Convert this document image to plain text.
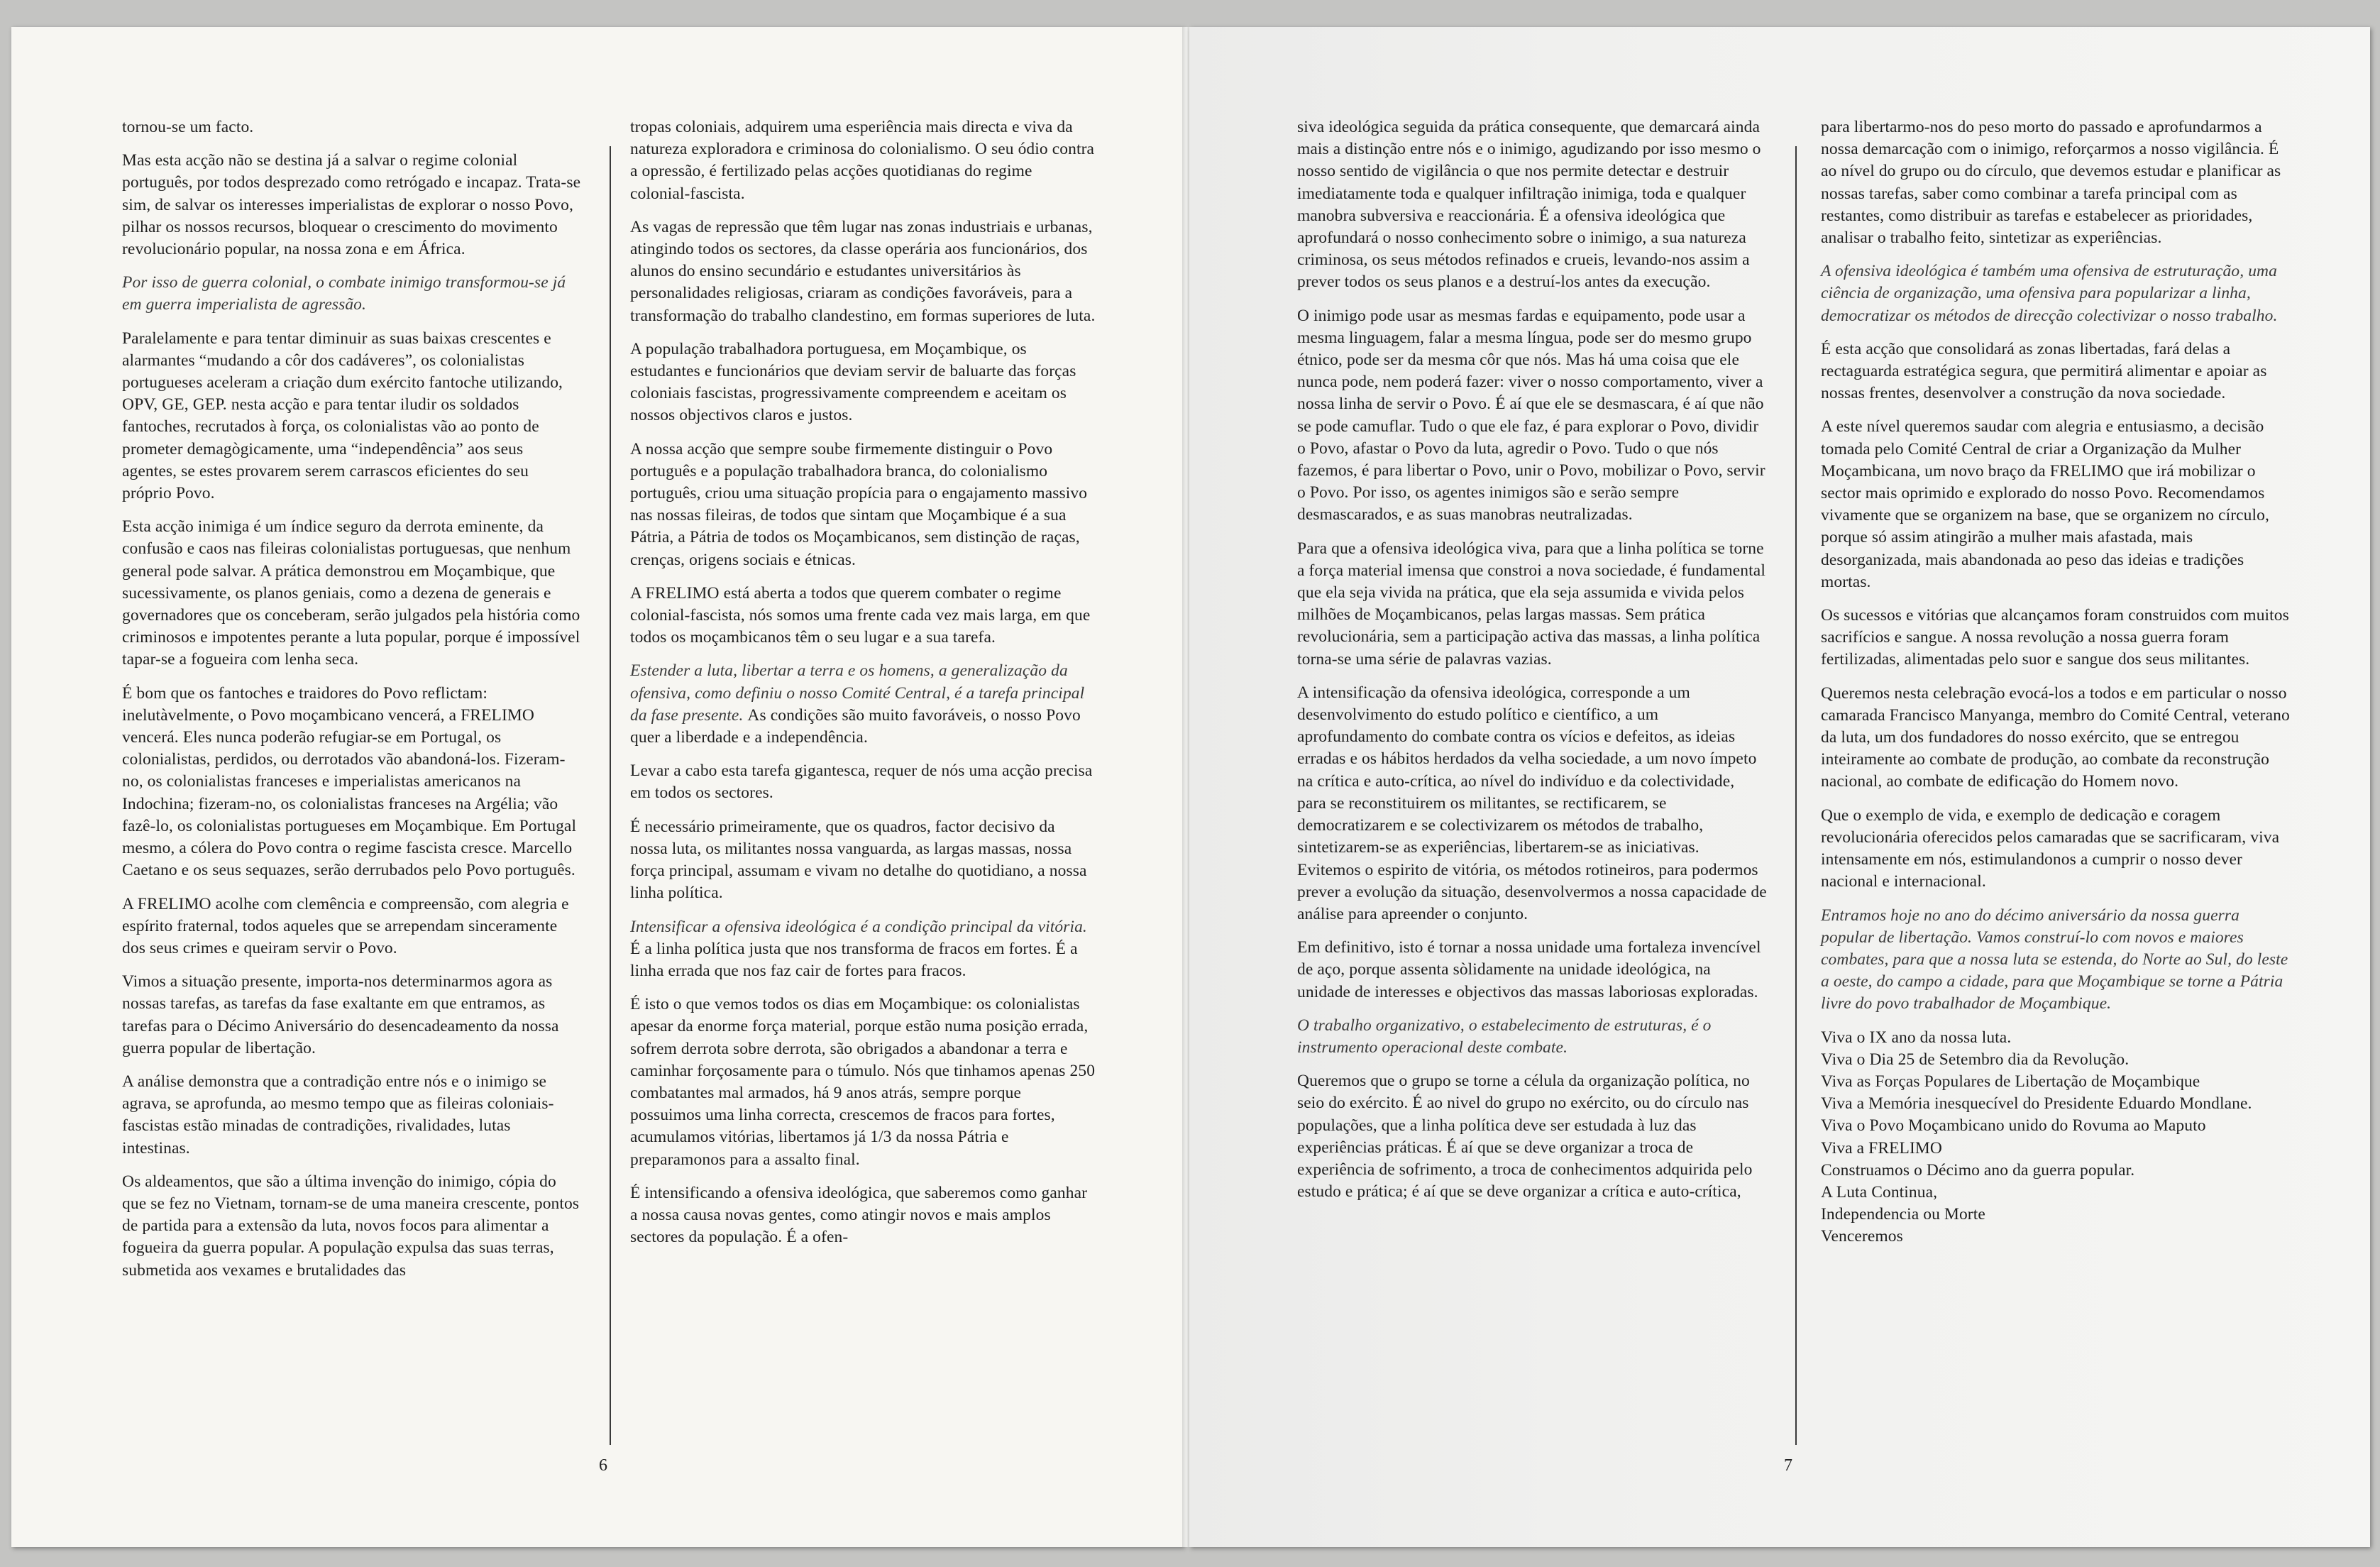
tornou-se um facto.

Mas esta acção não se destina já a salvar o regime colonial português, por todos desprezado como retrógado e incapaz. Trata-se sim, de salvar os interesses imperialistas de explorar o nosso Povo, pilhar os nossos recursos, bloquear o crescimento do movimento revolucionário popular, na nossa zona e em África.

Por isso de guerra colonial, o combate inimigo transformou-se já em guerra imperialista de agressão.

Paralelamente e para tentar diminuir as suas baixas crescentes e alarmantes “mudando a côr dos cadáveres”, os colonialistas portugueses aceleram a criação dum exército fantoche utilizando, OPV, GE, GEP. nesta acção e para tentar iludir os soldados fantoches, recrutados à força, os colonialistas vão ao ponto de prometer demagògicamente, uma “independência” aos seus agentes, se estes provarem serem carrascos eficientes do seu próprio Povo.

Esta acção inimiga é um índice seguro da derrota eminente, da confusão e caos nas fileiras colonialistas portuguesas, que nenhum general pode salvar. A prática demonstrou em Moçambique, que sucessivamente, os planos geniais, como a dezena de generais e governadores que os conceberam, serão julgados pela história como criminosos e impotentes perante a luta popular, porque é impossível tapar-se a fogueira com lenha seca.

É bom que os fantoches e traidores do Povo reflictam: inelutàvelmente, o Povo moçambicano vencerá, a FRELIMO vencerá. Eles nunca poderão refugiar-se em Portugal, os colonialistas, perdidos, ou derrotados vão abandoná-los. Fizeram-no, os colonialistas franceses e imperialistas americanos na Indochina; fizeram-no, os colonialistas franceses na Argélia; vão fazê-lo, os colonialistas portugueses em Moçambique. Em Portugal mesmo, a cólera do Povo contra o regime fascista cresce. Marcello Caetano e os seus sequazes, serão derrubados pelo Povo português.

A FRELIMO acolhe com clemência e compreensão, com alegria e espírito fraternal, todos aqueles que se arrependam sinceramente dos seus crimes e queiram servir o Povo.

Vimos a situação presente, importa-nos determinarmos agora as nossas tarefas, as tarefas da fase exaltante em que entramos, as tarefas para o Décimo Aniversário do desencadeamento da nossa guerra popular de libertação.

A análise demonstra que a contradição entre nós e o inimigo se agrava, se aprofunda, ao mesmo tempo que as fileiras coloniais-fascistas estão minadas de contradições, rivalidades, lutas intestinas.

Os aldeamentos, que são a última invenção do inimigo, cópia do que se fez no Vietnam, tornam-se de uma maneira crescente, pontos de partida para a extensão da luta, novos focos para alimentar a fogueira da guerra popular. A população expulsa das suas terras, submetida aos vexames e brutalidades das

tropas coloniais, adquirem uma esperiência mais directa e viva da natureza exploradora e criminosa do colonialismo. O seu ódio contra a opressão, é fertilizado pelas acções quotidianas do regime colonial-fascista.

As vagas de repressão que têm lugar nas zonas industriais e urbanas, atingindo todos os sectores, da classe operária aos funcionários, dos alunos do ensino secundário e estudantes universitários às personalidades religiosas, criaram as condições favoráveis, para a transformação do trabalho clandestino, em formas superiores de luta.

A população trabalhadora portuguesa, em Moçambique, os estudantes e funcionários que deviam servir de baluarte das forças coloniais fascistas, progressivamente compreendem e aceitam os nossos objectivos claros e justos.

A nossa acção que sempre soube firmemente distinguir o Povo português e a população trabalhadora branca, do colonialismo português, criou uma situação propícia para o engajamento massivo nas nossas fileiras, de todos que sintam que Moçambique é a sua Pátria, a Pátria de todos os Moçambicanos, sem distinção de raças, crenças, origens sociais e étnicas.

A FRELIMO está aberta a todos que querem combater o regime colonial-fascista, nós somos uma frente cada vez mais larga, em que todos os moçambicanos têm o seu lugar e a sua tarefa.

Estender a luta, libertar a terra e os homens, a generalização da ofensiva, como definiu o nosso Comité Central, é a tarefa principal da fase presente. As condições são muito favoráveis, o nosso Povo quer a liberdade e a independência.

Levar a cabo esta tarefa gigantesca, requer de nós uma acção precisa em todos os sectores.

É necessário primeiramente, que os quadros, factor decisivo da nossa luta, os militantes nossa vanguarda, as largas massas, nossa força principal, assumam e vivam no detalhe do quotidiano, a nossa linha política.

Intensificar a ofensiva ideológica é a condição principal da vitória. É a linha política justa que nos transforma de fracos em fortes. É a linha errada que nos faz cair de fortes para fracos.

É isto o que vemos todos os dias em Moçambique: os colonialistas apesar da enorme força material, porque estão numa posição errada, sofrem derrota sobre derrota, são obrigados a abandonar a terra e caminhar forçosamente para o túmulo. Nós que tinhamos apenas 250 combatantes mal armados, há 9 anos atrás, sempre porque possuimos uma linha correcta, crescemos de fracos para fortes, acumulamos vitórias, libertamos já 1/3 da nossa Pátria e preparamonos para a assalto final.

É intensificando a ofensiva ideológica, que saberemos como ganhar a nossa causa novas gentes, como atingir novos e mais amplos sectores da população. É a ofen-

siva ideológica seguida da prática consequente, que demarcará ainda mais a distinção entre nós e o inimigo, agudizando por isso mesmo o nosso sentido de vigilância o que nos permite detectar e destruir imediatamente toda e qualquer infiltração inimiga, toda e qualquer manobra subversiva e reaccionária. É a ofensiva ideológica que aprofundará o nosso conhecimento sobre o inimigo, a sua natureza criminosa, os seus métodos refinados e crueis, levando-nos assim a prever todos os seus planos e a destruí-los antes da execução.

O inimigo pode usar as mesmas fardas e equipamento, pode usar a mesma linguagem, falar a mesma língua, pode ser do mesmo grupo étnico, pode ser da mesma côr que nós. Mas há uma coisa que ele nunca pode, nem poderá fazer: viver o nosso comportamento, viver a nossa linha de servir o Povo. É aí que ele se desmascara, é aí que não se pode camuflar. Tudo o que ele faz, é para explorar o Povo, dividir o Povo, afastar o Povo da luta, agredir o Povo. Tudo o que nós fazemos, é para libertar o Povo, unir o Povo, mobilizar o Povo, servir o Povo. Por isso, os agentes inimigos são e serão sempre desmascarados, e as suas manobras neutralizadas.

Para que a ofensiva ideológica viva, para que a linha política se torne a força material imensa que constroi a nova sociedade, é fundamental que ela seja vivida na prática, que ela seja assumida e vivida pelos milhões de Moçambicanos, pelas largas massas. Sem prática revolucionária, sem a participação activa das massas, a linha política torna-se uma série de palavras vazias.

A intensificação da ofensiva ideológica, corresponde a um desenvolvimento do estudo político e científico, a um aprofundamento do combate contra os vícios e defeitos, as ideias erradas e os hábitos herdados da velha sociedade, a um novo ímpeto na crítica e auto-crítica, ao nível do indivíduo e da colectividade, para se reconstituirem os militantes, se rectificarem, se democratizarem e se colectivizarem os métodos de trabalho, sintetizarem-se as experiências, libertarem-se as iniciativas.

Evitemos o espirito de vitória, os métodos rotineiros, para podermos prever a evolução da situação, desenvolvermos a nossa capacidade de análise para apreender o conjunto.

Em definitivo, isto é tornar a nossa unidade uma fortaleza invencível de aço, porque assenta sòlidamente na unidade ideológica, na unidade de interesses e objectivos das massas laboriosas exploradas.

O trabalho organizativo, o estabelecimento de estruturas, é o instrumento operacional deste combate.

Queremos que o grupo se torne a célula da organização política, no seio do exército. É ao nivel do grupo no exército, ou do círculo nas populações, que a linha política deve ser estudada à luz das experiências práticas. É aí que se deve organizar a troca de experiência de sofrimento, a troca de conhecimentos adquirida pelo estudo e prática; é aí que se deve organizar a crítica e auto-crítica,

para libertarmo-nos do peso morto do passado e aprofundarmos a nossa demarcação com o inimigo, reforçarmos a nosso vigilância. É ao nível do grupo ou do círculo, que devemos estudar e planificar as nossas tarefas, saber como combinar a tarefa principal com as restantes, como distribuir as tarefas e estabelecer as prioridades, analisar o trabalho feito, sintetizar as experiências.

A ofensiva ideológica é também uma ofensiva de estruturação, uma ciência de organização, uma ofensiva para popularizar a linha, democratizar os métodos de direcção colectivizar o nosso trabalho.

É esta acção que consolidará as zonas libertadas, fará delas a rectaguarda estratégica segura, que permitirá alimentar e apoiar as nossas frentes, desenvolver a construção da nova sociedade.

A este nível queremos saudar com alegria e entusiasmo, a decisão tomada pelo Comité Central de criar a Organização da Mulher Moçambicana, um novo braço da FRELIMO que irá mobilizar o sector mais oprimido e explorado do nosso Povo. Recomendamos vivamente que se organizem na base, que se organizem no círculo, porque só assim atingirão a mulher mais afastada, mais desorganizada, mais abandonada ao peso das ideias e tradições mortas.

Os sucessos e vitórias que alcançamos foram construidos com muitos sacrifícios e sangue. A nossa revolução a nossa guerra foram fertilizadas, alimentadas pelo suor e sangue dos seus militantes.

Queremos nesta celebração evocá-los a todos e em particular o nosso camarada Francisco Manyanga, membro do Comité Central, veterano da luta, um dos fundadores do nosso exército, que se entregou inteiramente ao combate de produção, ao combate da reconstrução nacional, ao combate de edificação do Homem novo.

Que o exemplo de vida, e exemplo de dedicação e coragem revolucionária oferecidos pelos camaradas que se sacrificaram, viva intensamente em nós, estimulandonos a cumprir o nosso dever nacional e internacional.

Entramos hoje no ano do décimo aniversário da nossa guerra popular de libertação. Vamos construí-lo com novos e maiores combates, para que a nossa luta se estenda, do Norte ao Sul, do leste a oeste, do campo a cidade, para que Moçambique se torne a Pátria livre do povo trabalhador de Moçambique.

Viva o IX ano da nossa luta.

Viva o Dia 25 de Setembro dia da Revolução.

Viva as Forças Populares de Libertação de Moçambique

Viva a Memória inesquecível do Presidente Eduardo Mondlane.

Viva o Povo Moçambicano unido do Rovuma ao Maputo

Viva a FRELIMO

Construamos o Décimo ano da guerra popular.

A Luta Continua,

Independencia ou Morte

Venceremos

6	7
